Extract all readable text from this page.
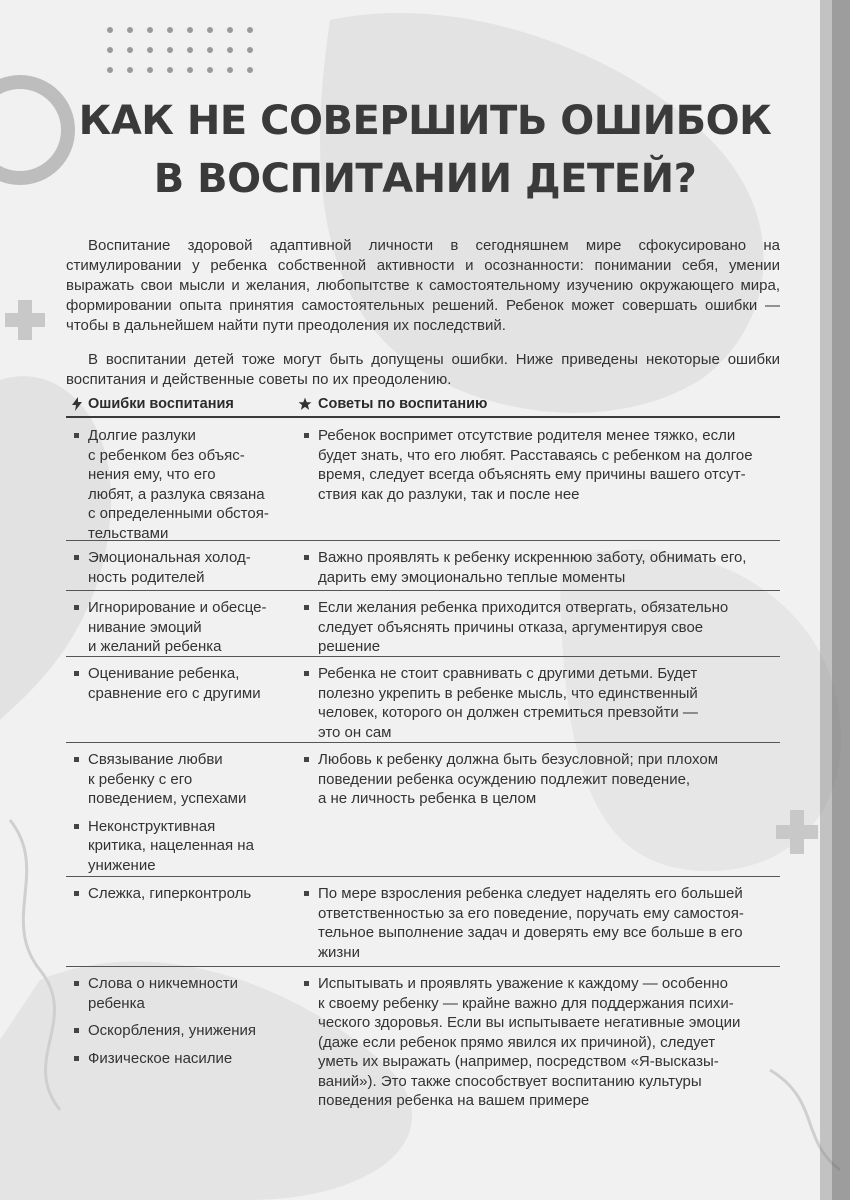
КАК НЕ СОВЕРШИТЬ ОШИБОК
В ВОСПИТАНИИ ДЕТЕЙ?

Воспитание здоровой адаптивной личности в сегодняшнем мире сфокусировано на стимулировании у ребенка собственной активности и осознанности: понимании себя, умении выражать свои мысли и желания, любопытстве к самостоятельному изучению окружающего мира, формировании опыта принятия самостоятельных решений. Ребенок может совершать ошибки — чтобы в дальнейшем найти пути преодоления их последствий.

В воспитании детей тоже могут быть допущены ошибки. Ниже приведены некоторые ошибки воспитания и действенные советы по их преодолению.

Ошибки воспитания	Советы по воспитанию
Долгие разлуки
с ребенком без объяс-
нения ему, что его
любят, а разлука связана
с определенными обстоя-
тельствами
Ребенок воспримет отсутствие родителя менее тяжко, если
будет знать, что его любят. Расставаясь с ребенком на долгое
время, следует всегда объяснять ему причины вашего отсут-
ствия как до разлуки, так и после нее
Эмоциональная холод-
ность родителей
Важно проявлять к ребенку искреннюю заботу, обнимать его,
дарить ему эмоционально теплые моменты
Игнорирование и обесце-
нивание эмоций
и желаний ребенка
Если желания ребенка приходится отвергать, обязательно
следует объяснять причины отказа, аргументируя свое
решение
Оценивание ребенка,
сравнение его с другими
Ребенка не стоит сравнивать с другими детьми. Будет
полезно укрепить в ребенке мысль, что единственный
человек, которого он должен стремиться превзойти —
это он сам
Связывание любви
к ребенку с его
поведением, успехами
Неконструктивная
критика, нацеленная на
унижение
Любовь к ребенку должна быть безусловной; при плохом
поведении ребенка осуждению подлежит поведение,
а не личность ребенка в целом
Слежка, гиперконтроль	По мере взросления ребенка следует наделять его большей
ответственностью за его поведение, поручать ему самостоя-
тельное выполнение задач и доверять ему все больше в его
жизни
Слова о никчемности
ребенка
Оскорбления, унижения
Физическое насилие
Испытывать и проявлять уважение к каждому — особенно
к своему ребенку — крайне важно для поддержания психи-
ческого здоровья. Если вы испытываете негативные эмоции
(даже если ребенок прямо явился их причиной), следует
уметь их выражать (например, посредством «Я-высказы-
ваний»). Это также способствует воспитанию культуры
поведения ребенка на вашем примере
